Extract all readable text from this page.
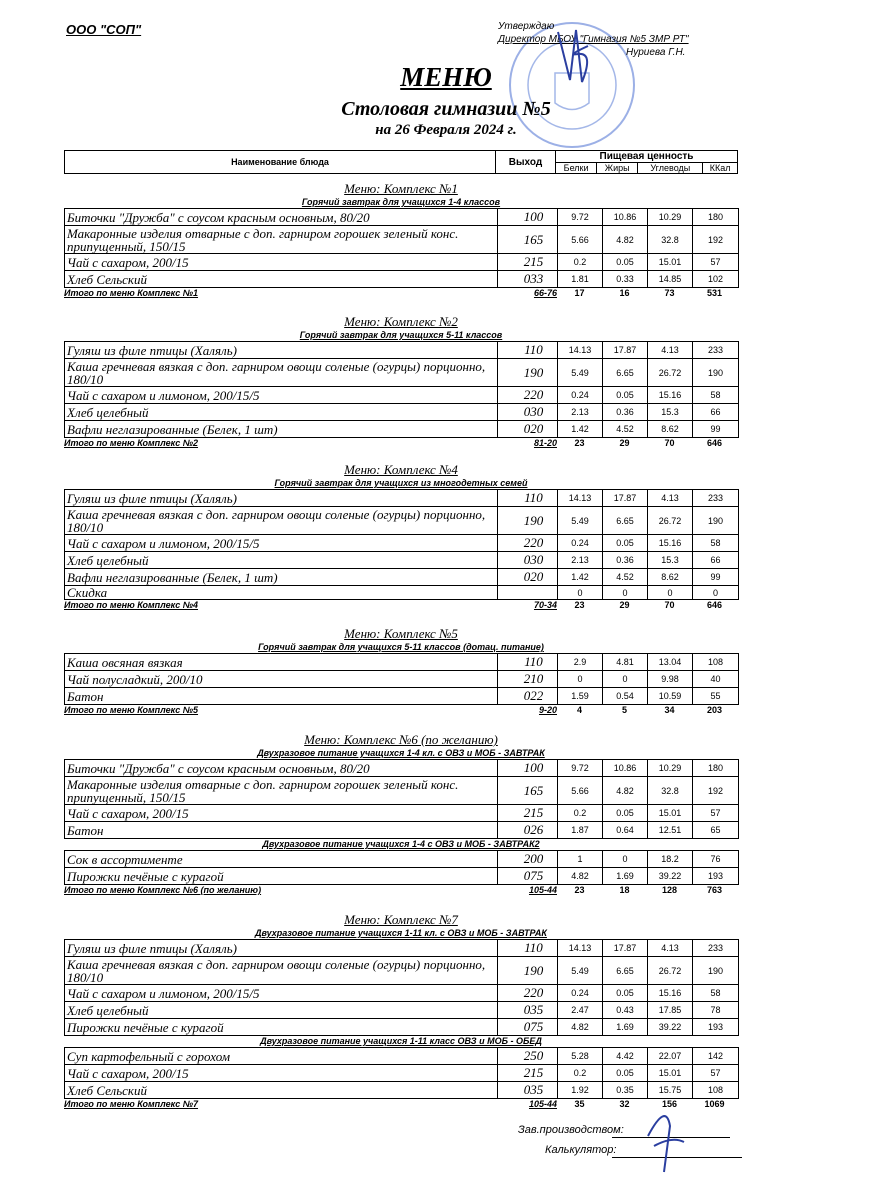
ООО "СОП"	Утверждаю
Директор МБОУ "Гимназия №5 ЗМР РТ"
Нуриева Г.Н.
МЕНЮ
Столовая гимназии №5
на 26 Февраля 2024 г.
Наименование блюда	Выход	Пищевая ценность			
		Белки	Жиры	Углеводы	ККал
Меню: Комплекс №1
Горячий завтрак для учащихся 1-4 классов
Биточки "Дружба" с соусом красным основным, 80/20	100	9.72	10.86	10.29	180
Макаронные изделия отварные с доп. гарниром горошек зеленый конс. припущенный, 150/15	165	5.66	4.82	32.8	192
Чай с сахаром, 200/15	215	0.2	0.05	15.01	57
Хлеб Сельский	033	1.81	0.33	14.85	102
Итого по меню Комплекс №1	66-76	17	16	73	531
Меню: Комплекс №2
Горячий завтрак для учащихся 5-11 классов
Гуляш из филе птицы (Халяль)	110	14.13	17.87	4.13	233
Каша гречневая вязкая с доп. гарниром овощи соленые (огурцы) порционно, 180/10	190	5.49	6.65	26.72	190
Чай с сахаром и лимоном, 200/15/5	220	0.24	0.05	15.16	58
Хлеб целебный	030	2.13	0.36	15.3	66
Вафли неглазированные (Белек, 1 шт)	020	1.42	4.52	8.62	99
Итого по меню Комплекс №2	81-20	23	29	70	646
Меню: Комплекс №4
Горячий завтрак для учащихся из многодетных семей
Гуляш из филе птицы (Халяль)	110	14.13	17.87	4.13	233
Каша гречневая вязкая с доп. гарниром овощи соленые (огурцы) порционно, 180/10	190	5.49	6.65	26.72	190
Чай с сахаром и лимоном, 200/15/5	220	0.24	0.05	15.16	58
Хлеб целебный	030	2.13	0.36	15.3	66
Вафли неглазированные (Белек, 1 шт)	020	1.42	4.52	8.62	99
Скидка		0	0	0	0
Итого по меню Комплекс №4	70-34	23	29	70	646
Меню: Комплекс №5
Горячий завтрак для учащихся 5-11 классов (дотац. питание)
Каша овсяная вязкая	110	2.9	4.81	13.04	108
Чай полусладкий, 200/10	210	0	0	9.98	40
Батон	022	1.59	0.54	10.59	55
Итого по меню Комплекс №5	9-20	4	5	34	203
Меню: Комплекс №6 (по желанию)
Двухразовое питание учащихся 1-4 кл. с ОВЗ и МОБ - ЗАВТРАК
Биточки "Дружба" с соусом красным основным, 80/20	100	9.72	10.86	10.29	180
Макаронные изделия отварные с доп. гарниром горошек зеленый конс. припущенный, 150/15	165	5.66	4.82	32.8	192
Чай с сахаром, 200/15	215	0.2	0.05	15.01	57
Батон	026	1.87	0.64	12.51	65
Двухразовое питание учащихся 1-4 с ОВЗ и МОБ - ЗАВТРАК2
Сок в ассортименте	200	1	0	18.2	76
Пирожки печёные с курагой	075	4.82	1.69	39.22	193
Итого по меню Комплекс №6 (по желанию)	105-44	23	18	128	763
Меню: Комплекс №7
Двухразовое питание учащихся 1-11 кл. с ОВЗ и МОБ - ЗАВТРАК
Гуляш из филе птицы (Халяль)	110	14.13	17.87	4.13	233
Каша гречневая вязкая с доп. гарниром овощи соленые (огурцы) порционно, 180/10	190	5.49	6.65	26.72	190
Чай с сахаром и лимоном, 200/15/5	220	0.24	0.05	15.16	58
Хлеб целебный	035	2.47	0.43	17.85	78
Пирожки печёные с курагой	075	4.82	1.69	39.22	193
Двухразовое питание учащихся 1-11 класс ОВЗ и МОБ - ОБЕД
Суп картофельный с горохом	250	5.28	4.42	22.07	142
Чай с сахаром, 200/15	215	0.2	0.05	15.01	57
Хлеб Сельский	035	1.92	0.35	15.75	108
Итого по меню Комплекс №7	105-44	35	32	156	1069
Зав.производством:
Калькулятор:
